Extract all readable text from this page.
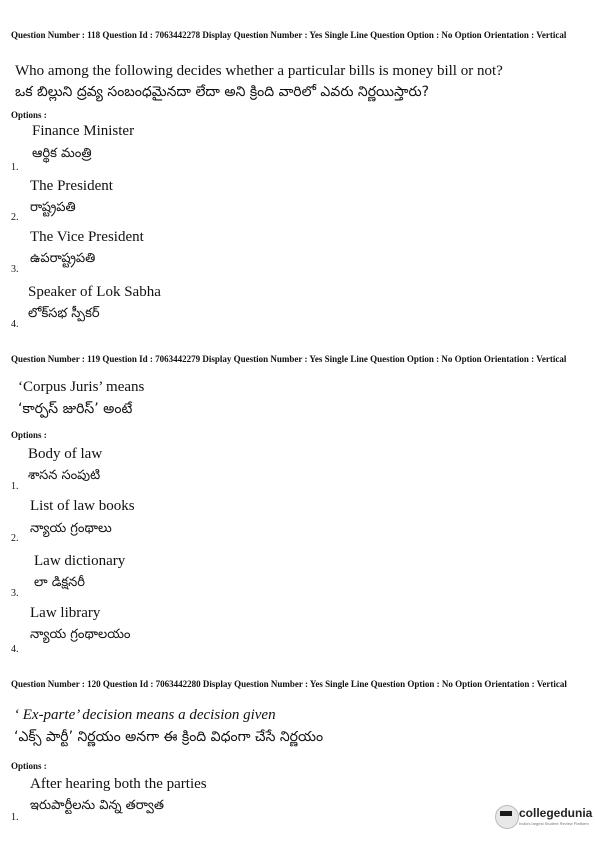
Question Number : 118 Question Id : 7063442278 Display Question Number : Yes Single Line Question Option : No Option Orientation : Vertical
Who among the following decides whether a particular bills is money bill or not?
ఒక బిల్లుని ద్రవ్య సంబంధమైనదా లేదా అని క్రింది వారిలో ఎవరు నిర్ణయిస్తారు?
Options :
Finance Minister
ఆర్థిక మంత్రి
1.
The President
రాష్ట్రపతి
2.
The Vice President
ఉపరాష్ట్రపతి
3.
Speaker of Lok Sabha
లోక్‌సభ స్పీకర్
4.
Question Number : 119 Question Id : 7063442279 Display Question Number : Yes Single Line Question Option : No Option Orientation : Vertical
‘Corpus Juris’ means
‘కార్పస్ జురిస్’ అంటే
Options :
Body of law
శాసన సంపుటి
1.
List of law books
న్యాయ గ్రంథాలు
2.
Law dictionary
లా డిక్షనరీ
3.
Law library
న్యాయ గ్రంథాలయం
4.
Question Number : 120 Question Id : 7063442280 Display Question Number : Yes Single Line Question Option : No Option Orientation : Vertical
‘ Ex-parte’ decision means a decision given
‘ఎక్స్ పార్టీ’ నిర్ణయం అనగా ఈ క్రింది విధంగా చేసే నిర్ణయం
Options :
After hearing both the parties
ఇరుపార్టీలను విన్న తర్వాత
1.	collegedunia
India's largest Student Review Platform
